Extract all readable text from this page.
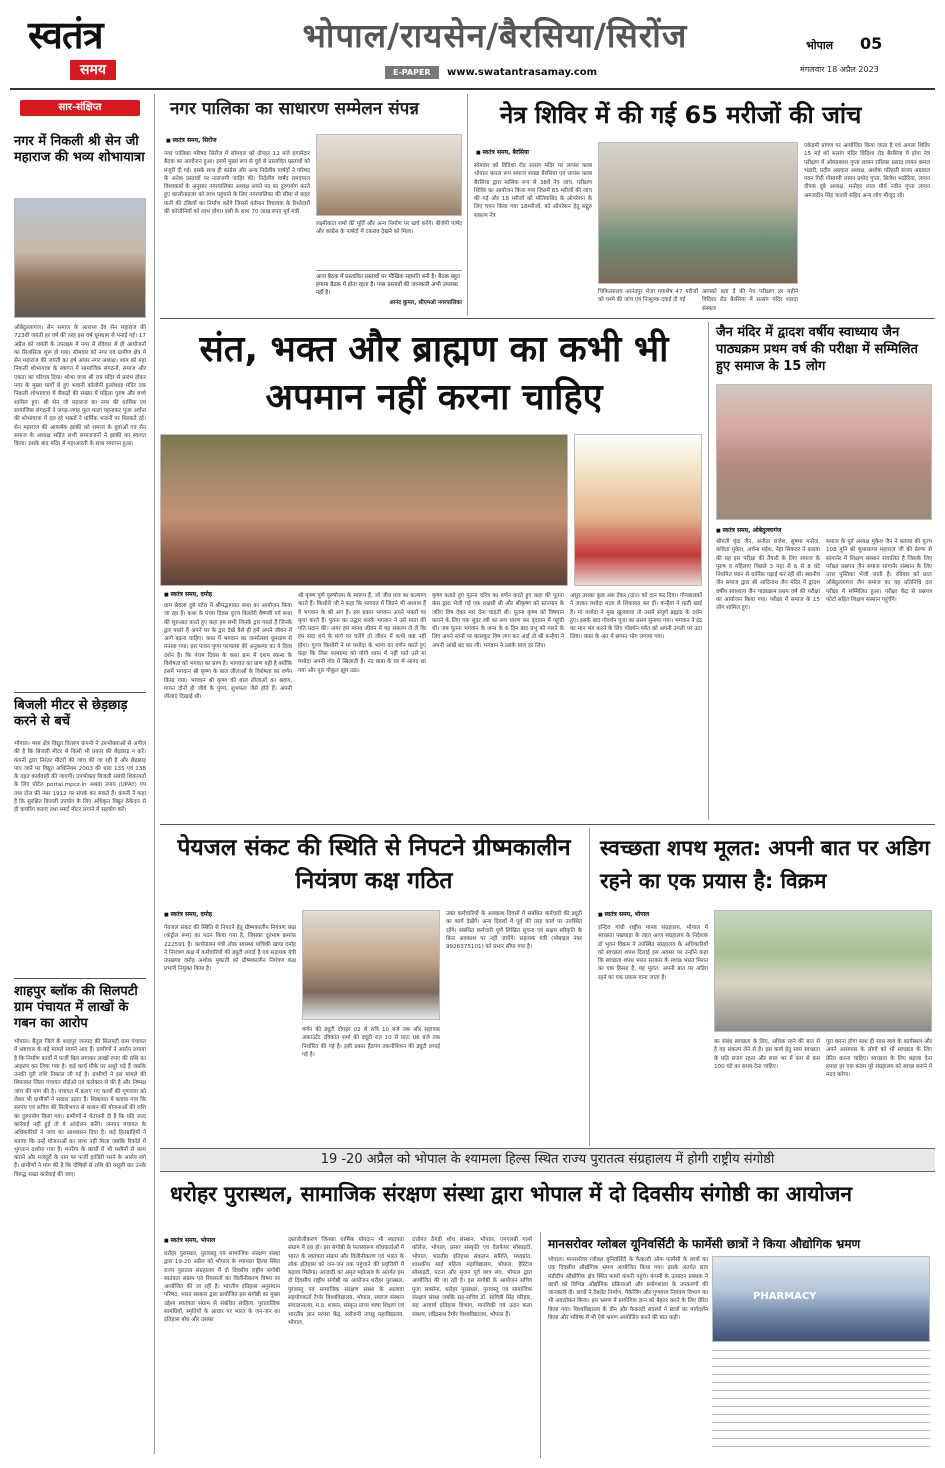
स्वतंत्र
समय
भोपाल/रायसेन/बैरसिया/सिरोंज
E-PAPER	www.swatantrasamay.com
भोपाल 05
मंगलवार 18 अप्रैल 2023
सार-संक्षिप्त
नगर में निकली श्री सेन जी महाराज की भव्य शोभायात्रा
ओबेदुल्लागंज। सेन समाज के आराध्य देव सेन महाराज की 723वीं जयंती हर वर्ष की तरह इस वर्ष धूमधाम से मनाई गई। 17 अप्रैल को जयंती के उपलक्ष्य में नगर में रविवार से ही आयोजनों का सिलसिला शुरू हो गया। सोमवार को नगर एवं ग्रामीण क्षेत्र में सेन महाराज की जयंती का हर्ष अपार नगर अध्यक्ष। शाम को यहां निकली शोभायात्रा के स्वागत में सामाजिक संगठनों, समाज और एकता का परिचय दिया। शोभा यात्रा श्री राम मंदिर से प्रारंभ होकर नगर के मुख्य मार्गों से हुए भवानी कॉलोनी हुल्लेशाह मंदिर तक निकली शोभायात्रा में सैकड़ों की संख्या में महिला पुरुष और बच्चे शामिल हुए। श्री सेन जी महाराज का नगर की धार्मिक एवं सामाजिक संगठनों ने जगह-जगह फूल माला पहनाकर पूजा अर्चना की शोभायात्रा में दल रहे भक्तों ने धार्मिक भजनों पर थिरकते रहे। सेन महाराज की आकर्षक झांकी को समाज के युवाओं एवं सेन समाज के अध्यक्ष सहित सभी समाजजनों ने झांकी का स्वागत किया। इसके बाद मंदिर में महाआरती के साथ समापन हुआ।
बिजली मीटर से छेड़छाड़ करने से बचें
भोपाल। मध्य क्षेत्र विद्युत वितरण कंपनी ने उपभोक्ताओं से अपील की है कि बिजली मीटर से किसी भी प्रकार की छेड़छाड़ न करें। कंपनी द्वारा निरंतर मीटरों की जांच की जा रही है और छेड़छाड़ पाए जाने पर विद्युत अधिनियम 2003 की धारा 135 एवं 138 के तहत कार्यवाही की जाएगी। उपभोक्ता बिजली संबंधी शिकायतों के लिए पोर्टल portal.mpcz.in अथवा उपाय (UPAY) एप तथा टोल फ्री नंबर 1912 पर संपर्क कर सकते हैं। कंपनी ने कहा है कि सुरक्षित बिजली उपयोग के लिए अधिकृत विद्युत ठेकेदार से ही वायरिंग कराएं तथा स्मार्ट मीटर लगाने में सहयोग करें।
शाहपुर ब्लॉक की सिलपटी ग्राम पंचायत में लाखों के गबन का आरोप
भोपाल। बैतूल जिले के शाहपुर जनपद की सिलपटी ग्राम पंचायत में भ्रष्टाचार के बड़े मामले सामने आए हैं। ग्रामीणों ने आरोप लगाया है कि निर्माण कार्यों में फर्जी बिल लगाकर लाखों रुपए की राशि का आहरण कर लिया गया है। कई कार्य मौके पर अधूरे पड़े हैं जबकि उनकी पूरी राशि निकाल ली गई है। ग्रामीणों ने इस मामले की शिकायत जिला पंचायत सीईओ एवं कलेक्टर से की है और निष्पक्ष जांच की मांग की है। पंचायत में कराए गए कार्यों की गुणवत्ता को लेकर भी ग्रामीणों ने सवाल उठाए हैं। शिकायत में बताया गया कि सरपंच एवं सचिव की मिलीभगत से शासन की योजनाओं की राशि का दुरुपयोग किया गया। ग्रामीणों ने चेतावनी दी है कि यदि जल्द कार्रवाई नहीं हुई तो वे आंदोलन करेंगे। जनपद पंचायत के अधिकारियों ने जांच का आश्वासन दिया है। कई हितग्राहियों ने बताया कि उन्हें योजनाओं का लाभ नहीं मिला जबकि रिकॉर्ड में भुगतान दर्शाया गया है। मनरेगा के कार्यों में भी मशीनों से काम कराने और मजदूरों के नाम पर फर्जी हाजिरी भरने के आरोप लगे हैं। ग्रामीणों ने मांग की है कि दोषियों से राशि की वसूली कर उनके विरुद्ध सख्त कार्रवाई की जाए।
नगर पालिका का साधारण सम्मेलन संपन्न
■ स्वतंत्र समय, सिरोंज
नगर पालिका परिषद सिरोंज में सोमवार को दोपहर 12 बजे हंगामेदार बैठक का आयोजन हुआ। इसमें मुख्य रूप से पूर्व से प्रस्तावित प्रस्तावों को मंजूरी दी गई। इसके साथ ही कांग्रेस और अन्य निर्दलीय पार्षदों ने परिषद के अनेक प्रस्तावों पर नाराजगी जाहिर की। निर्दलीय पार्षद रामदयाल विश्वकर्मा के अनुसार नगरपालिका अध्यक्ष अपने पद का दुरुपयोग करते हुए कालोनाइजर को लाभ पहुंचाने के लिए नगरपालिका की सीमा से बाहर पानी की टंकियों का निर्माण करेंगे जिससे वर्तमान विधायक के रिश्तेदारों की कॉलोनियों को लाभ होगा। इसी के साथ 70 लाख रुपए पूर्व मंत्री
लक्ष्मीकांत शर्मा की मूर्ति और अन्य निर्माण पर खर्च करेंगे। बीजेपी पार्षद और कांग्रेस के पार्षदों में टकराव देखने को मिला।
आज बैठक में प्रस्तावित प्रस्तावों पर मौखिक सहमति बनी है। बैठक बहुत हंगामा बैठक में होता रहता है। पास प्रस्तावों की जानकारी अभी उपलब्ध नहीं है।
आनंद कुमार, सीएमओ नगरपालिका
नेत्र शिविर में की गई 65 मरीजों की जांच
■ स्वतंत्र समय, बैरसिया
सोमवार को विदिशा रोड सत्संग मंदिर पर लायंस क्लब भोपाल कपल रूप समाज शाखा बैरसिया एवं लायंस क्लब बैरसिया द्वारा मासिक रूप से 38वें नेत्र जांच, परीक्षण शिविर का आयोजन किया गया जिसमें 65 मरीजों की जांच की गई और 18 मरीजों को मोतियाबिंद के ऑपरेशन के लिए चयन किया गया 18मरीजों, को ऑपरेशन हेतु सद्गुरु संकल्प नेत्र
चिकित्सालय आनंदपुर भेजा गयाशेष 47 मरीजों को चश्मे की जांच एवं निःशुल्क दवाई दी गई
आपको बता दें की नेत्र परीक्षण हर महीने विदिशा रोड बैरसिया में सत्संग मंदिर शारदा संस्कार
एकेडमी प्रांगण पर आयोजित किया जाता है एवं अगला शिविर 15 मई को सत्संग मंदिर विदिशा रोड बैरसिया में होगा नेत्र परीक्षण में ओमप्रकाश गुप्ता लायन राधिका प्रसाद लायन कमल भंडारी, प्रदीप अग्रवाल अध्यक्ष, अशोक परिहारी संजय अग्रवाल पवन गिरी गोस्वामी लायन प्रमोद गुप्ता, बिजेश भदोरिया, लायन दीपक दुबे अध्यक्ष, मनोहर लाल मौर्य नवीन गुप्ता लायन अमजदीन सिंह यादवी सहित अन्य लोग मौजूद रहे।
संत, भक्त और ब्राह्मण का कभी भी अपमान नहीं करना चाहिए
■ स्वतंत्र समय, दमोह
ग्राम छेवला दुबे पटेरा में श्रीमद्भागवत कथा का आयोजन किया जा रहा है। कथा के पंचम दिवस पूज्य किशोरी वैष्णवी गर्ग कथा की शुरुआत करते हुए कहा हम सभी जिनके द्वार पधारे हैं जिनके द्वार पधारे हैं अपने घर के द्वार देखे वैसे ही हमें अपने जीवन में आगे बढ़ना चाहिए। कथा में भगवान का जन्मोत्सव धूमधाम से मनाया गया। इस पावन पुण्य परमात्मा की अनुकम्पा का ये दिव्य दर्शन है। कि पंचम दिवस के कथा क्रम में दशम स्कन्ध के विशेषता को भगवत का प्राण है। भागवत का प्राण यही है क्योंकि इसमें भगवान श्री कृष्ण के बाल लीलाओं के विशेषता का वर्णन किया गया। भगवान श्री कृष्ण की बाल लीलाओं का श्रवण, गायन दोनों ही जीवे के पुण्य, शुभफल जैसे होते हैं। अपनी लीलाएं दिखाई थीं।
श्री कृष्ण पूर्ण पुरुषोत्तम के स्वरूप हैं, जो जीव मात्र का कल्याण करते हैं। किशोरी जी ने कहा कि भागवत में जितने भी अध्याय हैं वे भगवान के श्री अंग हैं। इस प्रकार भगवान अपने भक्तों पर कृपा करते हैं। पुतना का उद्धार करके भगवान ने उसे माता की गति प्रदान की। अगर हम मानव जीवन में यह संकल्प ले लें कि हम सदा धर्म के मार्ग पर चलेंगे तो जीवन में कभी कष्ट नहीं होगा। पूज्य किशोरी ने मां यशोदा के भाग्य का वर्णन करते हुए कहा कि जिस परमात्मा को योगी ध्यान में नहीं पाते उसे मां यशोदा अपनी गोद में खिलाती हैं। नंद बाबा के घर में आनंद छा गया और पूरा गोकुल झूम उठा।
कृष्ण बताते हुए पूतना चरित्र का वर्णन करते हुए कहा की पूतना कंस द्वारा भेजी गई एक राक्षसी थी और श्रीकृष्ण को स्तनपान के जरिए विष देकर मार देना चाहती थी। पूतना कृष्ण को विषपान कराने के लिए एक सुंदर स्त्री का रूप धारण कर वृंदावन में पहुंची थी। जब पूतना भगवान के जन्म के 6 दिन बाद प्रभु को मारने के लिए अपने स्तनों पर कालकूट विष लगा कर आई तो श्री कन्हैया ने अपनी आंखें बंद कर ली। भगवान ने उसके प्राण हर लिए।
असुर उसका कुछ अंश देकर (दांत) को दान कर दिया। गोपबालकों ने जाकर यशोदा माता से शिकायत कर दी। कन्हैया ने माटी खाई है। मां यशोदा ने मुख खुलवाया तो उसमें संपूर्ण ब्रह्मांड के दर्शन हुए। इसके बाद गोवर्धन पूजा का प्रसंग सुनाया गया। भगवान ने इंद्र का मान भंग करने के लिए गोवर्धन पर्वत को अपनी उंगली पर उठा लिया। कथा के अंत में छप्पन भोग लगाया गया।
जैन मंदिर में द्वादश वर्षीय स्वाध्याय जैन पाठ्यक्रम प्रथम वर्ष की परीक्षा में सम्मिलित हुए समाज के 15 लोग
■ स्वतंत्र समय, ओबेदुल्लागंज
श्रीमती वृंदा जैन, अनीता राजेश, सुषमा मनोज, कविता मुकेश, अर्चना महेश, नेहा सिकंदर ने बताया की यह इस परीक्षा की तैयारी के लिए समाज के पुरुष व महिलाएं पिछले 3 महा से 6 से 8 घंटे नियमित ध्यान से धार्मिक पढ़ाई कर रही थीं। स्थानीय जैन समाज द्वारा श्री आदिनाथ जैन मंदिर में द्वादश वर्षीय स्वाध्याय जैन पाठ्यक्रम प्रथम वर्ष की परीक्षा का आयोजन किया गया। परीक्षा में समाज के 15 लोग शामिल हुए।
समाज के पूर्व अध्यक्ष मुकेश जैन ने बताया की पूज्य 108 मुनि श्री सुधासागर महाराज जी की प्रेरणा से सांगानेर में शिक्षण संस्थान संचालित है जिसके लिए परीक्षा प्रश्नपत्र जैन समाज सांगानेर संस्थान के लिए उत्तर पुस्तिका भेजी जाती है। रविवार को प्रातः ओबेदुल्लागंज जैन समाज का यह प्रतिनिधि दल परीक्षा में सम्मिलित हुआ। परीक्षा केंद्र से प्रश्नपत्र फोटो सहित शिक्षण संस्थान पहुंचेंगे।
पेयजल संकट की स्थिति से निपटने ग्रीष्मकालीन नियंत्रण कक्ष गठित
■ स्वतंत्र समय, दमोह
पेयजल संकट की स्थिति से निपटने हेतु ग्रीष्मकालीन नियंत्रण कक्ष (कंट्रोल रूम) का गठन किया गया है, जिसका दूरभाष क्रमांक 222591 है। कार्यपालन यंत्री लोक स्वास्थ्य यांत्रिकी खण्ड दमोह ने नियंत्रण कक्ष में कर्मचारियों की ड्यूटी लगाई है एवं सहायक यंत्री उपखण्ड दमोह अशोक मुकाती को ग्रीष्मकालीन नियंत्रण कक्ष प्रभारी नियुक्त किया है।
वर्णन की ड्यूटी दोपहर 02 से रात्रि 10 बजे तक और सहायक अकाउंटेंट रविकांत शर्मा की ड्यूटी रात 10 से प्रातः 06 बजे तक निर्धारित की गई है। इसी प्रकार हैंडपंप तकनीशियन की ड्यूटी लगाई गई है।
उक्त कर्मचारियों के अवकाश दिवसों में संबंधित कर्मचारी की ड्यूटी का कार्य देखेंगे। अन्य दिवसों में पूर्व की तरह कार्य पर उपस्थित रहेंगे। संबंधित कर्मचारी पूर्ण लिखित सूचना एवं सक्षम स्वीकृति के बिना अवकाश पर नहीं जायेंगे। सहायक यंत्री (मोबाइल नंबर 9926375101) को प्रभार सौंपा गया है।
स्वच्छता शपथ मूलत: अपनी बात पर अडिग रहने का एक प्रयास है: विक्रम
■ स्वतंत्र समय, भोपाल
इन्दिरा गांधी राष्ट्रीय मानव संग्रहालय, भोपाल में स्वच्छता पखवाड़ा के तहत आज संग्रहालय के निदेशक डॉ भुवन विक्रम ने उपस्थित संग्रहालय के अधिकारियों को स्वच्छता शपथ दिलाई इस अवसर पर उन्होंने कहा कि स्वच्छता शपथ भारत सरकार के स्वच्छ भारत मिशन का एक हिस्सा है, यह मूलत: अपनी बात पर अडिग रहने का एक प्रयास माना जाता है।
का संबंध स्वच्छता के लिए, अधिक रहने की बात से है यह संकल्प लेने से है। इस कार्य हेतु स्वयं स्वच्छता के प्रति सजग रहना और साल भर में कम से कम 100 घंटे का समय देना चाहिए।
पूरा करना होगा साथ ही साथ स्वयं के कार्यस्थल और अपने आसपास के लोगों को भी स्वच्छता के लिए प्रेरित करना चाहिए। स्वच्छता के लिए बढ़ावा देना हमारा हर एक कदम पूरे संग्रहालय को स्वच्छ बनाने में मदद करेगा।
19 -20 अप्रैल को भोपाल के श्यामला हिल्स स्थित राज्य पुरातत्व संग्रहालय में होगी राष्ट्रीय संगोष्ठी
धरोहर पुरास्थल, सामाजिक संरक्षण संस्था द्वारा भोपाल में दो दिवसीय संगोष्ठी का आयोजन
■ स्वतंत्र समय, भोपाल
धरोहर पुरास्थल, पुरावस्तु एवं सामाजिक संरक्षण संस्था द्वारा 19-20 अप्रैल को भोपाल के श्यामला हिल्स स्थित राज्य पुरातत्व संग्रहालय में दो दिवसीय राष्ट्रीय संगोष्ठी स्वतंत्रता संग्राम एवं रियासतों का विलीनीकरण विषय पर आयोजित की जा रही है। भारतीय इतिहास अनुसंधान परिषद, भारत सरकार द्वारा प्रायोजित इस संगोष्ठी का मुख्य उद्देश्य स्वतंत्रता संग्राम से संबंधित साहित्य, पुरातात्विक सामग्रियों, स्मृतियों के आधार पर भारत के जन-जन का इतिहास बोध और उसका
दस्तावेजीकरण जिनका धार्मिक योगदान भी स्वतंत्रता संग्राम में रहा हो। इस संगोष्ठी के फलस्वरूप शोधकर्ताओं में भारत के स्वतंत्रता संग्राम और विलीनीकरण एवं भारत के लोक इतिहास को जन-जन तक पहुंचाने की प्रवृत्तियों में बढ़ावा मिलेगा। आजादी का अमृत महोत्सव के अंतर्गत इस दो दिवसीय राष्ट्रीय संगोष्ठी का आयोजन धरोहर पुरास्थल, पुरावस्तु एवं सामाजिक संरक्षण संस्था के आलावा सहयोगकर्ता टैगोर विश्वविद्यालय, भोपाल, स्वराज संस्थान संचालनालय, म.प्र. शासन, संस्कृत प्राच्य भाषा शिक्षण एवं भारतीय ज्ञान परंपरा केंद्र, सरोजनी नायडू महाविद्यालय, भोपाल,
दत्तोपंत ठेंगड़ी शोध संस्थान, भोपाल, एमएलबी गर्ल्स कॉलेज, भोपाल, प्रसार संस्कृति एवं वेलफेयर सोसाइटी, भोपाल, भारतीय इतिहास संकलन समिति, मध्यप्रांत, शासकीय साईं महिला महाविद्यालय, भोपाल, हेरिटेज सोसाइटी, पटना और सृजन पूर्व छात्र संघ, भोपाल द्वारा आयोजित की जा रही है। इस संगोष्ठी के आयोजन सचिव पूजा सक्सेना, धरोहर पुरास्थल, पुरावस्तु एवं सामाजिक संरक्षण संस्था जबकि सह-सचिव डॉ. सावित्री सिंह परिहार, सह आचार्य इतिहास विभाग, मानविकी एवं उदार कला संकाय, रवींद्रनाथ टैगोर विश्वविद्यालय, भोपाल हैं।
मानसरोवर ग्लोबल यूनिवर्सिटी के फार्मेसी छात्रों ने किया औद्योगिक भ्रमण
भोपाल। मानसरोवर ग्लोबल यूनिवर्सिटी के फैकल्टी ऑफ फार्मेसी के छात्रों का एक दिवसीय औद्योगिक भ्रमण आयोजित किया गया। इसके अंतर्गत छात्र मंडीदीप औद्योगिक क्षेत्र स्थित फार्मा कंपनी पहुंचे। कंपनी के उत्पादन प्रबंधक ने छात्रों को विभिन्न औद्योगिक प्रक्रियाओं और प्रयोगशाला के उपकरणों की जानकारी दी। छात्रों ने टैबलेट निर्माण, पैकेजिंग और गुणवत्ता नियंत्रण विभाग का भी अवलोकन किया। इस भ्रमण में प्रायोगिक ज्ञान को बेहतर करने के लिए प्रेरित किया गया। विश्वविद्यालय के डीन और फैकल्टी सदस्यों ने छात्रों का मार्गदर्शन किया और भविष्य में भी ऐसे भ्रमण आयोजित करने की बात कही।
PHARMACY
